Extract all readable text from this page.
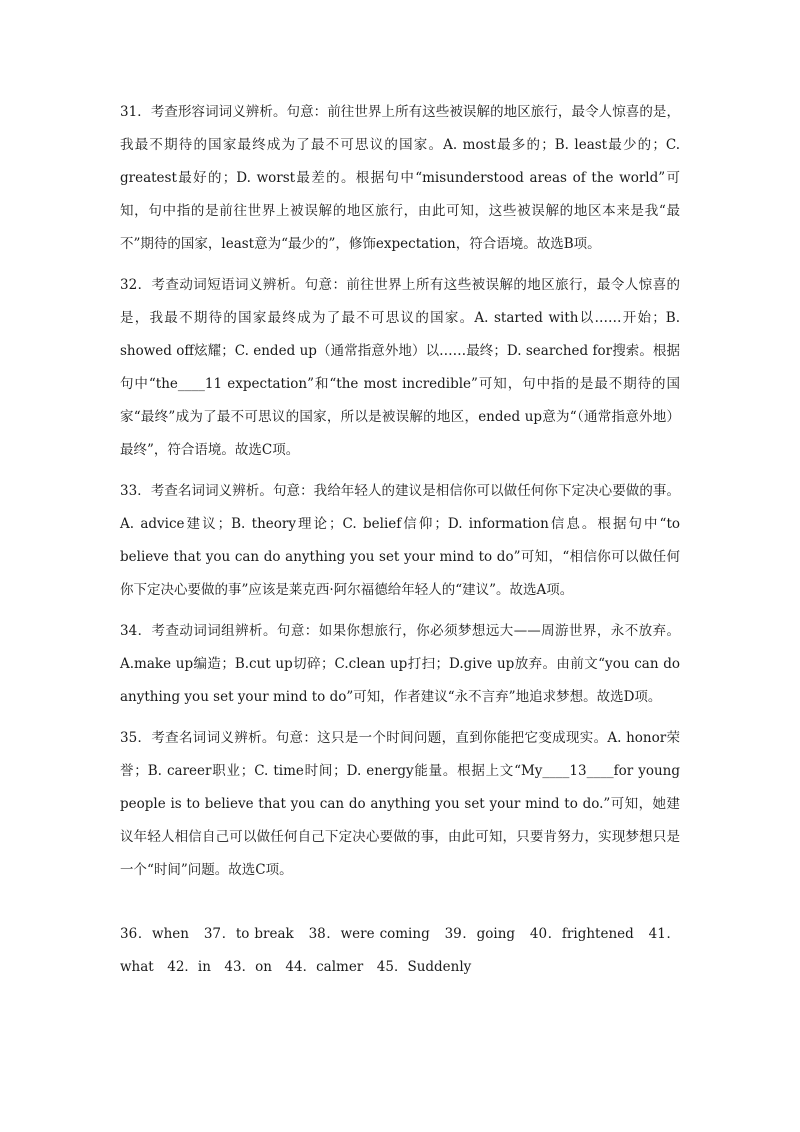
31．考查形容词词义辨析。句意：前往世界上所有这些被误解的地区旅行，最令人惊喜的是，我最不期待的国家最终成为了最不可思议的国家。A. most最多的；B. least最少的；C. greatest最好的；D. worst最差的。根据句中“misunderstood areas of the world”可知，句中指的是前往世界上被误解的地区旅行，由此可知，这些被误解的地区本来是我“最不”期待的国家，least意为“最少的”，修饰expectation，符合语境。故选B项。

32．考查动词短语词义辨析。句意：前往世界上所有这些被误解的地区旅行，最令人惊喜的是，我最不期待的国家最终成为了最不可思议的国家。A. started with以……开始；B. showed off炫耀；C. ended up（通常指意外地）以……最终；D. searched for搜索。根据句中“the____11 expectation”和“the most incredible”可知，句中指的是最不期待的国家“最终”成为了最不可思议的国家，所以是被误解的地区，ended up意为“（通常指意外地）最终”，符合语境。故选C项。

33．考查名词词义辨析。句意：我给年轻人的建议是相信你可以做任何你下定决心要做的事。A. advice建议；B. theory理论；C. belief信仰；D. information信息。根据句中“to believe that you can do anything you set your mind to do”可知，“相信你可以做任何你下定决心要做的事”应该是莱克西·阿尔福德给年轻人的“建议”。故选A项。

34．考查动词词组辨析。句意：如果你想旅行，你必须梦想远大——周游世界，永不放弃。A.make up编造；B.cut up切碎；C.clean up打扫；D.give up放弃。由前文“you can do anything you set your mind to do”可知，作者建议“永不言弃”地追求梦想。故选D项。

35．考查名词词义辨析。句意：这只是一个时间问题，直到你能把它变成现实。A. honor荣誉；B. career职业；C. time时间；D. energy能量。根据上文“My____13____for young people is to believe that you can do anything you set your mind to do.”可知，她建议年轻人相信自己可以做任何自己下定决心要做的事，由此可知，只要肯努力，实现梦想只是一个“时间”问题。故选C项。

36．when　37．to break　38．were coming　39．going　40．frightened　41．what　42．in　43．on　44．calmer　45．Suddenly
